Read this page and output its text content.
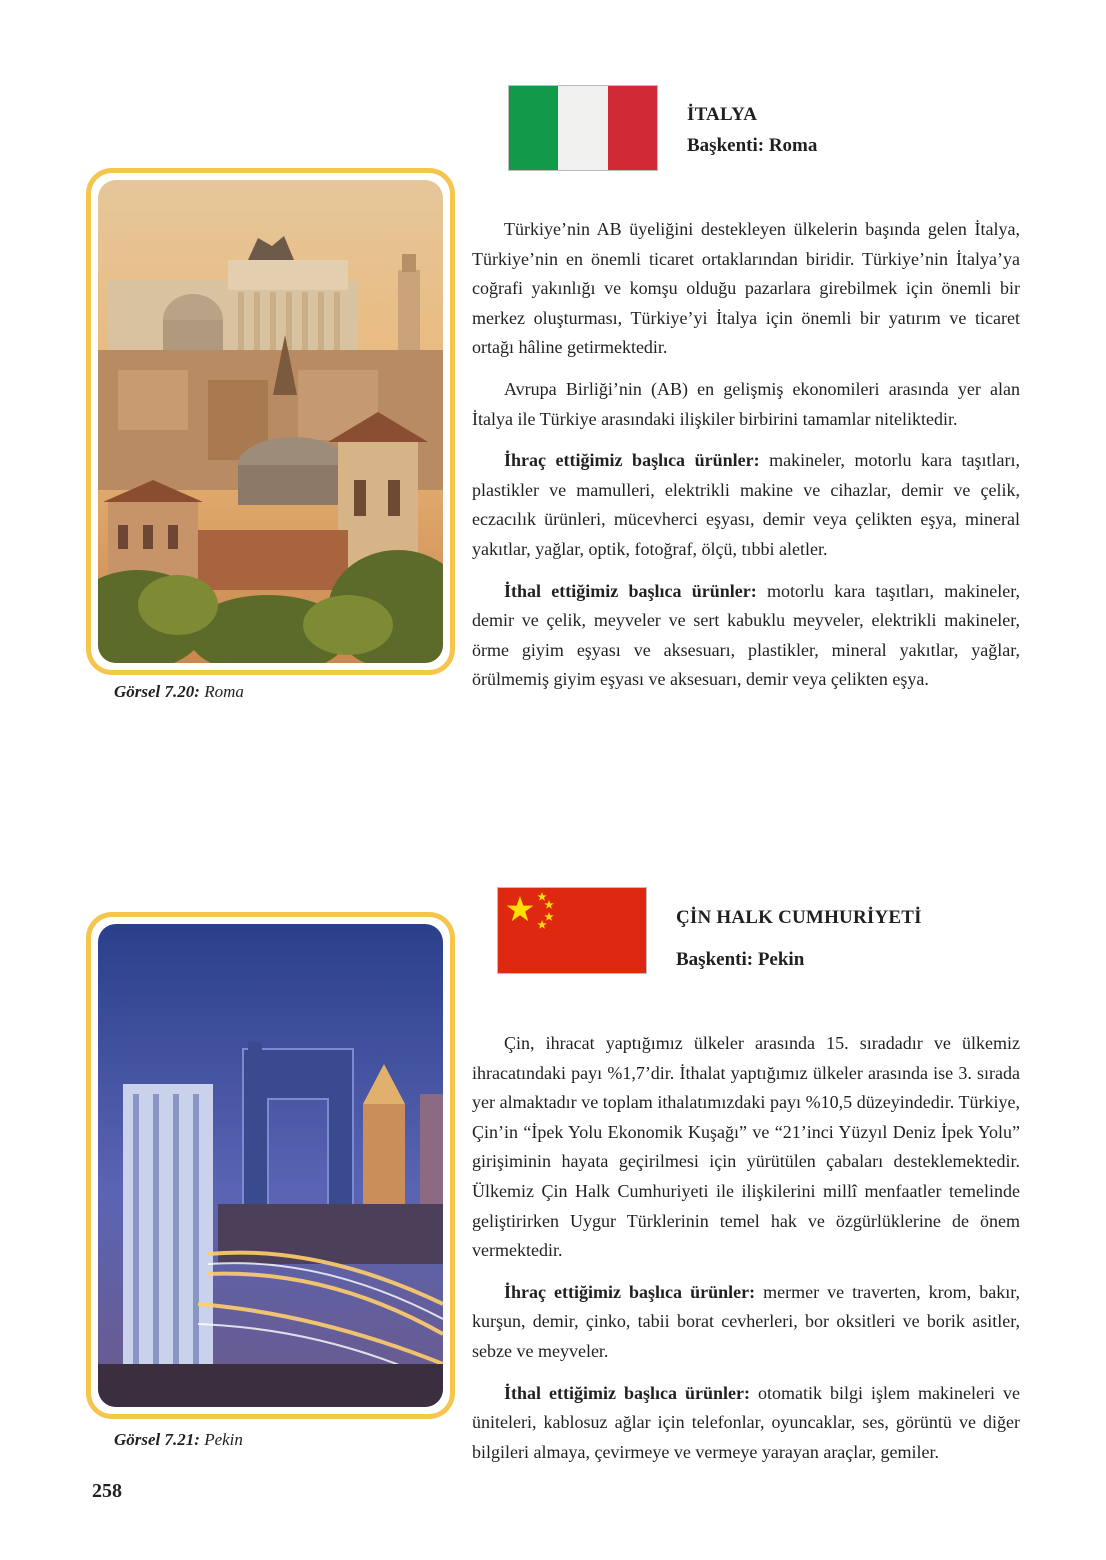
İTALYA
Başkenti: Roma
Görsel 7.20: Roma

Türkiye’nin AB üyeliğini destekleyen ülkelerin başında gelen İtalya, Türkiye’nin en önemli ticaret ortaklarından biridir. Türkiye’nin İtalya’ya coğrafi yakınlığı ve komşu olduğu pazarlara girebilmek için önemli bir merkez oluşturması, Türkiye’yi İtalya için önemli bir yatırım ve ticaret ortağı hâline getirmektedir.

Avrupa Birliği’nin (AB) en gelişmiş ekonomileri arasında yer alan İtalya ile Türkiye arasındaki ilişkiler birbirini tamamlar niteliktedir.

İhraç ettiğimiz başlıca ürünler: makineler, motorlu kara taşıtları, plastikler ve mamulleri, elektrikli makine ve cihazlar, demir ve çelik, eczacılık ürünleri, mücevherci eşyası, demir veya çelikten eşya, mineral yakıtlar, yağlar, optik, fotoğraf, ölçü, tıbbi aletler.

İthal ettiğimiz başlıca ürünler: motorlu kara taşıtları, makineler, demir ve çelik, meyveler ve sert kabuklu meyveler, elektrikli makineler, örme giyim eşyası ve aksesuarı, plastikler, mineral yakıtlar, yağlar, örülmemiş giyim eşyası ve aksesuarı, demir veya çelikten eşya.

ÇİN HALK CUMHURİYETİ
Başkenti: Pekin
Görsel 7.21: Pekin

Çin, ihracat yaptığımız ülkeler arasında 15. sıradadır ve ülkemiz ihracatındaki payı %1,7’dir. İthalat yaptığımız ülkeler arasında ise 3. sırada yer almaktadır ve toplam ithalatımızdaki payı %10,5 düzeyindedir. Türkiye, Çin’in “İpek Yolu Ekonomik Kuşağı” ve “21’inci Yüzyıl Deniz İpek Yolu” girişiminin hayata geçirilmesi için yürütülen çabaları desteklemektedir. Ülkemiz Çin Halk Cumhuriyeti ile ilişkilerini millî menfaatler temelinde geliştirirken Uygur Türklerinin temel hak ve özgürlüklerine de önem vermektedir.

İhraç ettiğimiz başlıca ürünler: mermer ve traverten, krom, bakır, kurşun, demir, çinko, tabii borat cevherleri, bor oksitleri ve borik asitler, sebze ve meyveler.

İthal ettiğimiz başlıca ürünler: otomatik bilgi işlem makineleri ve üniteleri, kablosuz ağlar için telefonlar, oyuncaklar, ses, görüntü ve diğer bilgileri almaya, çevirmeye ve vermeye yarayan araçlar, gemiler.

258
